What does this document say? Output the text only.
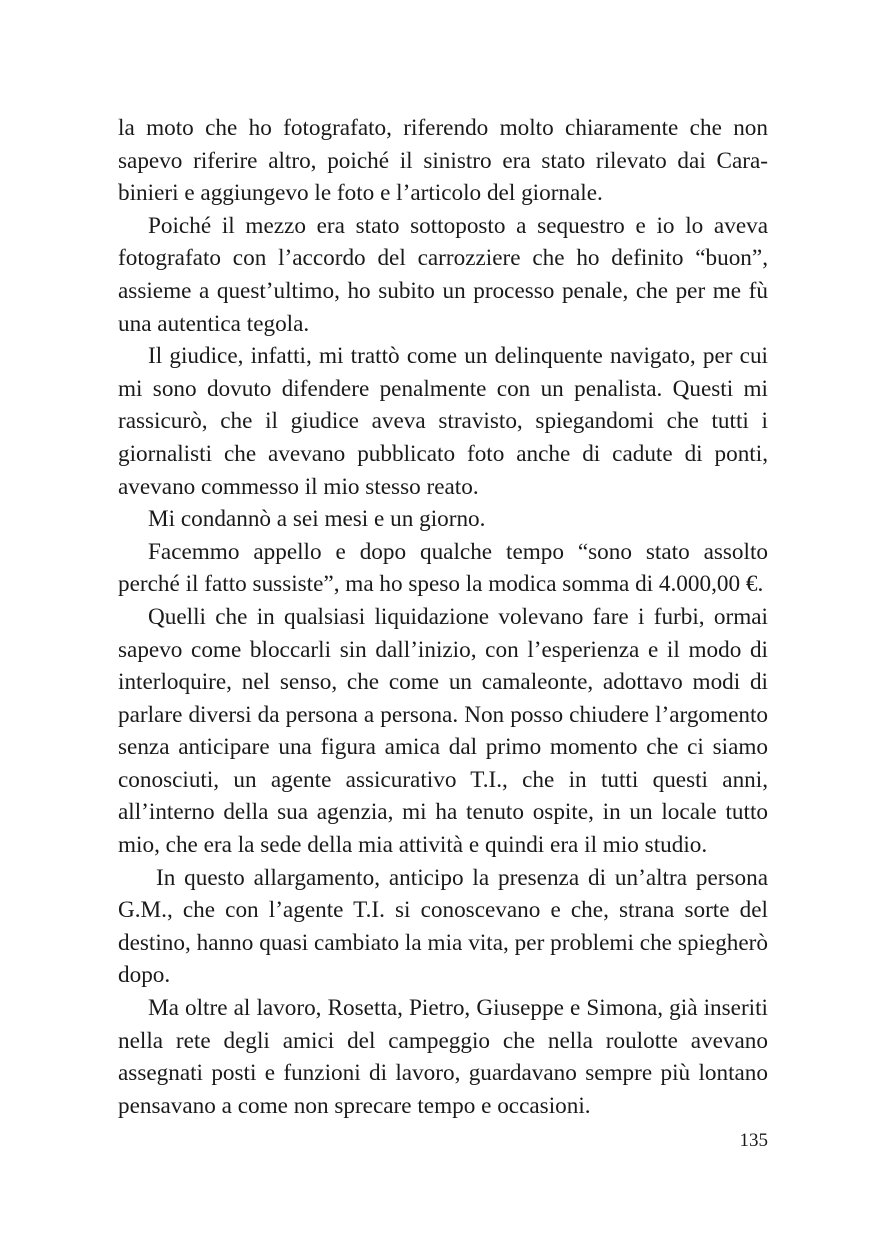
la moto che ho fotografato, riferendo molto chiaramente che non sapevo riferire altro, poiché il sinistro era stato rilevato dai Carabinieri e aggiungevo le foto e l’articolo del giornale.

Poiché il mezzo era stato sottoposto a sequestro e io lo aveva fotografato con l’accordo del carrozziere che ho definito “buon”, assieme a quest’ultimo, ho subito un processo penale, che per me fù una autentica tegola.

Il giudice, infatti, mi trattò come un delinquente navigato, per cui mi sono dovuto difendere penalmente con un penalista. Questi mi rassicurò, che il giudice aveva stravisto, spiegandomi che tutti i giornalisti che avevano pubblicato foto anche di cadute di ponti, avevano commesso il mio stesso reato.

Mi condannò a sei mesi e un giorno.

Facemmo appello e dopo qualche tempo “sono stato assolto perché il fatto sussiste”, ma ho speso la modica somma di 4.000,00 €.

Quelli che in qualsiasi liquidazione volevano fare i furbi, ormai sapevo come bloccarli sin dall’inizio, con l’esperienza e il modo di interloquire, nel senso, che come un camaleonte, adottavo modi di parlare diversi da persona a persona. Non posso chiudere l’argomento senza anticipare una figura amica dal primo momento che ci siamo conosciuti, un agente assicurativo T.I., che in tutti questi anni, all’interno della sua agenzia, mi ha tenuto ospite, in un locale tutto mio, che era la sede della mia attività e quindi era il mio studio.

In questo allargamento, anticipo la presenza di un’altra persona G.M., che con l’agente T.I. si conoscevano e che, strana sorte del destino, hanno quasi cambiato la mia vita, per problemi che spiegherò dopo.

Ma oltre al lavoro, Rosetta, Pietro, Giuseppe e Simona, già inseriti nella rete degli amici del campeggio che nella roulotte avevano assegnati posti e funzioni di lavoro, guardavano sempre più lontano pensavano a come non sprecare tempo e occasioni.

135
